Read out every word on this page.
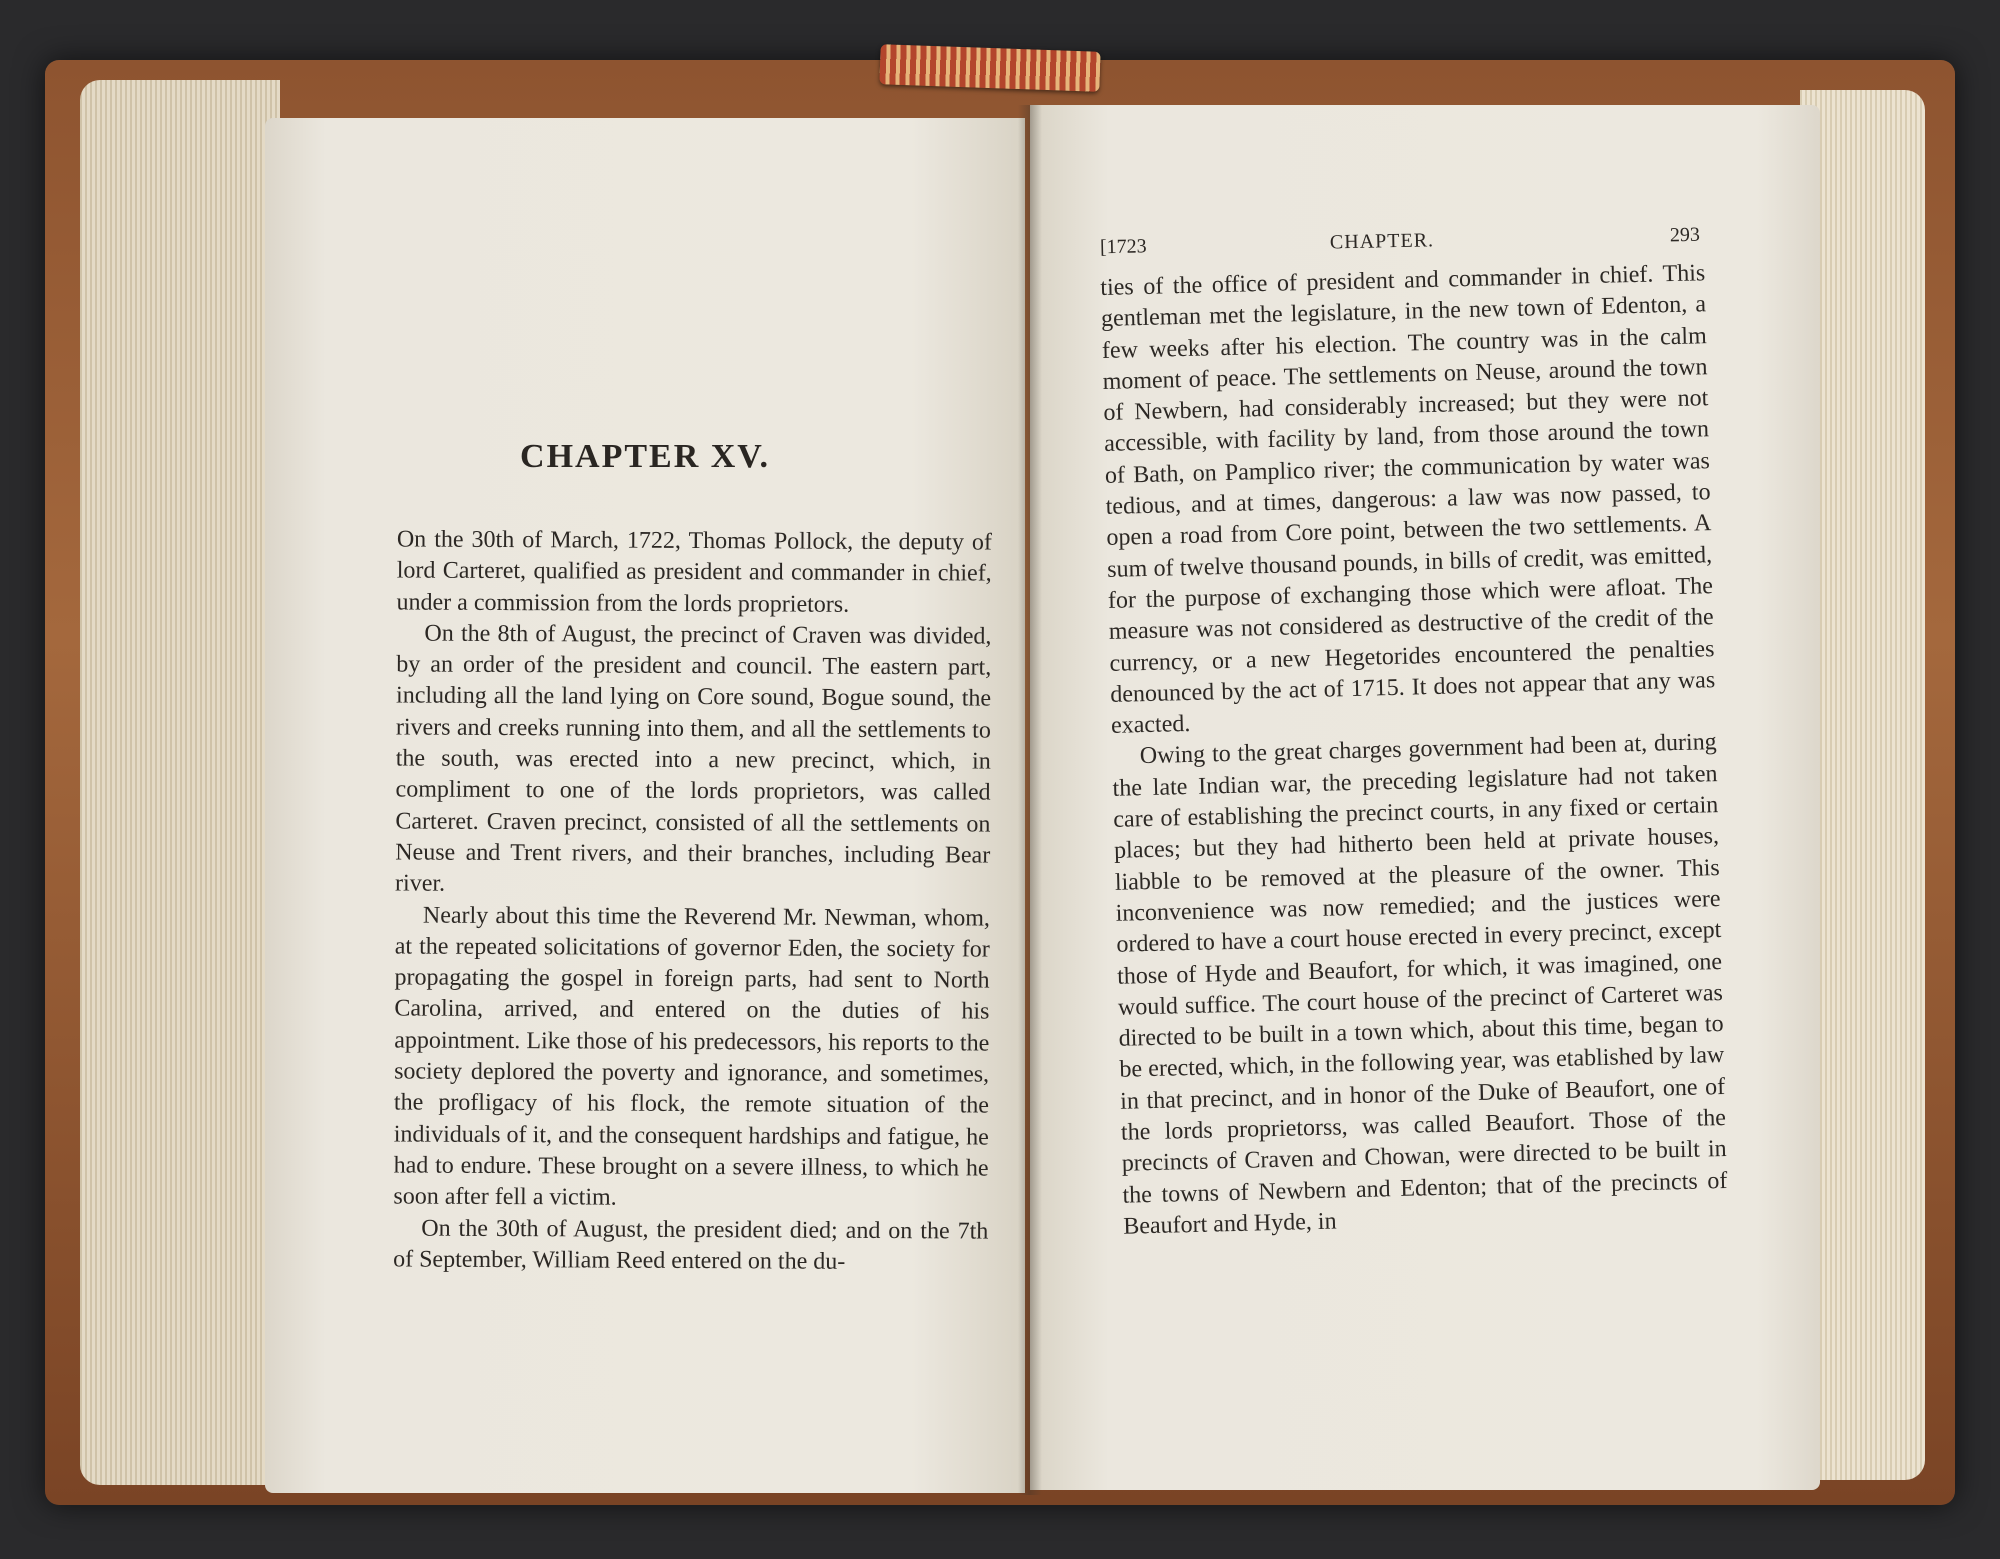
CHAPTER XV.

On the 30th of March, 1722, Thomas Pollock, the deputy of lord Carteret, qualified as president and commander in chief, under a commission from the lords proprietors.

On the 8th of August, the precinct of Craven was divided, by an order of the president and council. The eastern part, including all the land lying on Core sound, Bogue sound, the rivers and creeks running into them, and all the settlements to the south, was erected into a new precinct, which, in compliment to one of the lords proprietors, was called Carteret. Craven precinct, consisted of all the settlements on Neuse and Trent rivers, and their branches, including Bear river.

Nearly about this time the Reverend Mr. Newman, whom, at the repeated solicitations of governor Eden, the society for propagating the gospel in foreign parts, had sent to North Carolina, arrived, and entered on the duties of his appointment. Like those of his predecessors, his reports to the society deplored the poverty and ignorance, and sometimes, the profligacy of his flock, the remote situation of the individuals of it, and the consequent hardships and fatigue, he had to endure. These brought on a severe illness, to which he soon after fell a victim.

On the 30th of August, the president died; and on the 7th of September, William Reed entered on the du-

[1723	CHAPTER.	293

ties of the office of president and commander in chief. This gentleman met the legislature, in the new town of Edenton, a few weeks after his election. The country was in the calm moment of peace. The settlements on Neuse, around the town of Newbern, had considerably increased; but they were not accessible, with facility by land, from those around the town of Bath, on Pamplico river; the communication by water was tedious, and at times, dangerous: a law was now passed, to open a road from Core point, between the two settlements. A sum of twelve thousand pounds, in bills of credit, was emitted, for the purpose of exchanging those which were afloat. The measure was not considered as destructive of the credit of the currency, or a new Hegetorides encountered the penalties denounced by the act of 1715. It does not appear that any was exacted.

Owing to the great charges government had been at, during the late Indian war, the preceding legislature had not taken care of establishing the precinct courts, in any fixed or certain places; but they had hitherto been held at private houses, liabble to be removed at the pleasure of the owner. This inconvenience was now remedied; and the justices were ordered to have a court house erected in every precinct, except those of Hyde and Beaufort, for which, it was imagined, one would suffice. The court house of the precinct of Carteret was directed to be built in a town which, about this time, began to be erected, which, in the following year, was etablished by law in that precinct, and in honor of the Duke of Beaufort, one of the lords proprietorss, was called Beaufort. Those of the precincts of Craven and Chowan, were directed to be built in the towns of Newbern and Edenton; that of the precincts of Beaufort and Hyde, in
